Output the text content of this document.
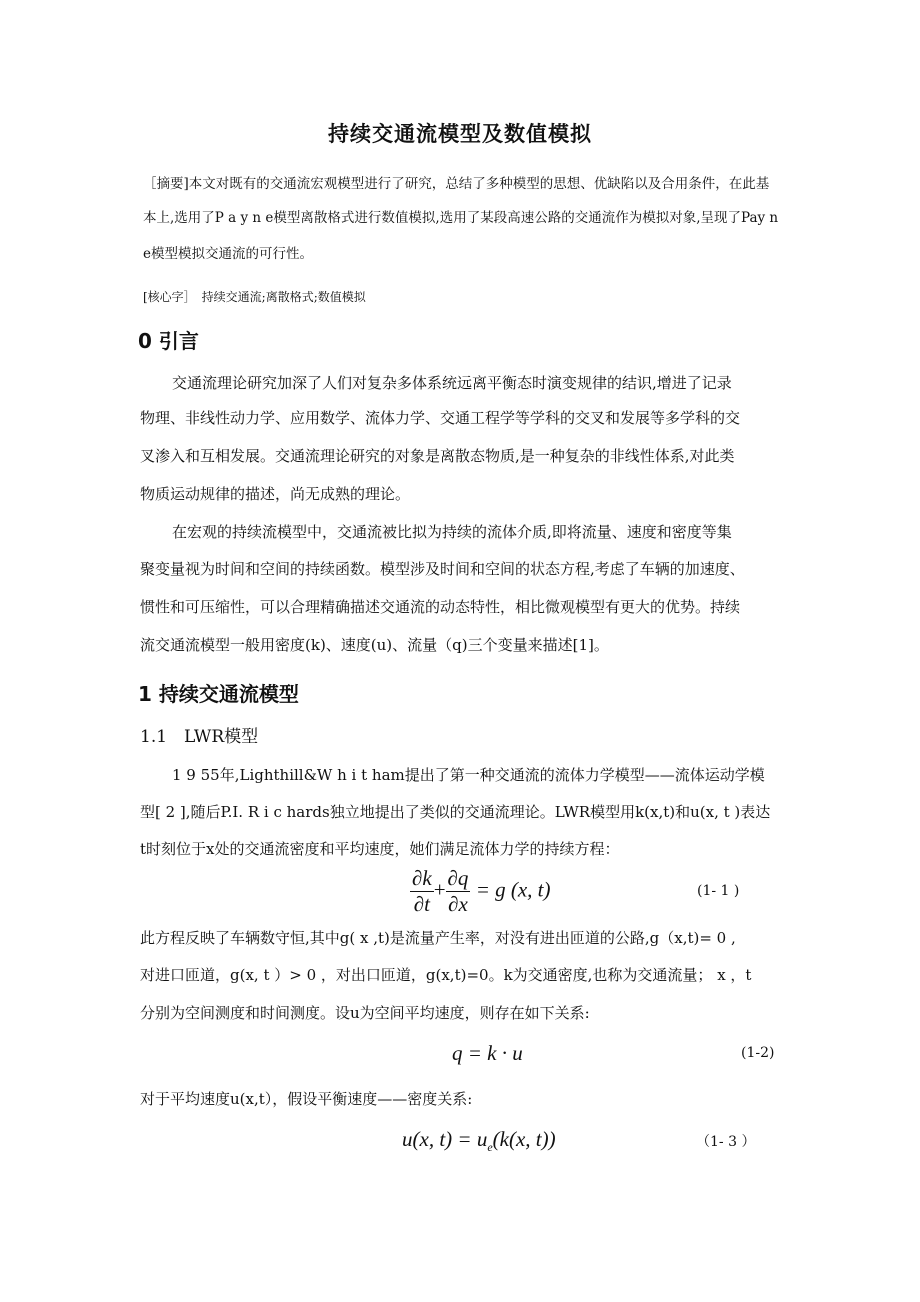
持续交通流模型及数值模拟
［摘要]本文对既有的交通流宏观模型进行了研究，总结了多种模型的思想、优缺陷以及合用条件，在此基
本上,选用了P a y n e模型离散格式进行数值模拟,选用了某段高速公路的交通流作为模拟对象,呈现了Pay n
e模型模拟交通流的可行性。
[核心字］　持续交通流;离散格式;数值模拟
0 引言
交通流理论研究加深了人们对复杂多体系统远离平衡态时演变规律的结识,增进了记录
物理、非线性动力学、应用数学、流体力学、交通工程学等学科的交叉和发展等多学科的交
叉渗入和互相发展。交通流理论研究的对象是离散态物质,是一种复杂的非线性体系,对此类
物质运动规律的描述，尚无成熟的理论。
在宏观的持续流模型中，交通流被比拟为持续的流体介质,即将流量、速度和密度等集
聚变量视为时间和空间的持续函数。模型涉及时间和空间的状态方程,考虑了车辆的加速度、
惯性和可压缩性，可以合理精确描述交通流的动态特性，相比微观模型有更大的优势。持续
流交通流模型一般用密度(k)、速度(u)、流量（q)三个变量来描述[1]。
1 持续交通流模型
1.1　LWR模型
1 9 55年,Lighthill&W h i t ham提出了第一种交通流的流体力学模型——流体运动学模
型[ 2 ],随后P.I. R i c hards独立地提出了类似的交通流理论。LWR模型用k(x,t)和u(x, t )表达
t时刻位于x处的交通流密度和平均速度，她们满足流体力学的持续方程：
$\frac{\partial k}{\partial t} + \frac{\partial q}{\partial x} = g$ (x, t)	(1- 1 )
此方程反映了车辆数守恒,其中g( x ,t)是流量产生率，对没有进出匝道的公路,g（x,t)= 0 ,
对进口匝道，g(x, t ）> 0 ，对出口匝道，g(x,t)=0。k为交通密度,也称为交通流量； x ，t
分别为空间测度和时间测度。设u为空间平均速度，则存在如下关系:
q = k · u	(1-2)
对于平均速度u(x,t），假设平衡速度——密度关系:
u(x, $t) = u_e(k(x$, t))	（1- 3 ）
